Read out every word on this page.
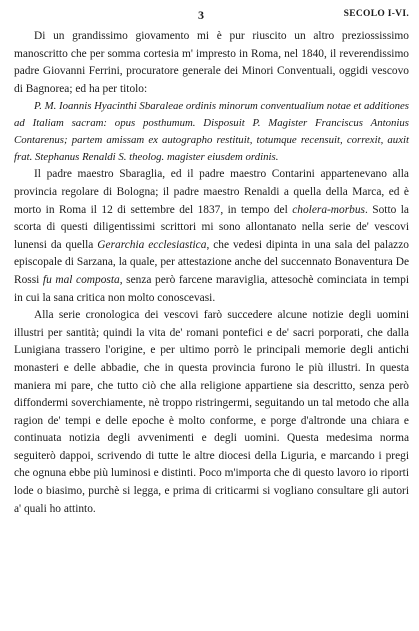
3	SECOLO I-VI.

Di un grandissimo giovamento mi è pur riuscito un altro preziossissimo manoscritto che per somma cortesia m' impresto in Roma, nel 1840, il reverendissimo padre Giovanni Ferrini, procuratore generale dei Minori Conventuali, oggidi vescovo di Bagnorea; ed ha per titolo:

P. M. Ioannis Hyacinthi Sbaraleae ordinis minorum conventualium notae et additiones ad Italiam sacram: opus posthumum. Disposuit P. Magister Franciscus Antonius Contarenus; partem amissam ex autographo restituit, totumque recensuit, correxit, auxit frat. Stephanus Renaldi S. theolog. magister eiusdem ordinis.

Il padre maestro Sbaraglia, ed il padre maestro Contarini appartenevano alla provincia regolare di Bologna; il padre maestro Renaldi a quella della Marca, ed è morto in Roma il 12 di settembre del 1837, in tempo del cholera-morbus. Sotto la scorta di questi diligentissimi scrittori mi sono allontanato nella serie de' vescovi lunensi da quella Gerarchia ecclesiastica, che vedesi dipinta in una sala del palazzo episcopale di Sarzana, la quale, per attestazione anche del succennato Bonaventura De Rossi fu mal composta, senza però farcene maraviglia, attesochè cominciata in tempi in cui la sana critica non molto conoscevasi.

Alla serie cronologica dei vescovi farò succedere alcune notizie degli uomini illustri per santità; quindi la vita de' romani pontefici e de' sacri porporati, che dalla Lunigiana trassero l'origine, e per ultimo porrò le principali memorie degli antichi monasteri e delle abbadie, che in questa provincia furono le più illustri. In questa maniera mi pare, che tutto ciò che alla religione appartiene sia descritto, senza però diffondermi soverchiamente, nè troppo ristringermi, seguitando un tal metodo che alla ragion de' tempi e delle epoche è molto conforme, e porge d'altronde una chiara e continuata notizia degli avvenimenti e degli uomini. Questa medesima norma seguiterò dappoi, scrivendo di tutte le altre diocesi della Liguria, e marcando i pregi che ognuna ebbe più luminosi e distinti. Poco m'importa che di questo lavoro io riporti lode o biasimo, purchè si legga, e prima di criticarmi si vogliano consultare gli autori a' quali ho attinto.
